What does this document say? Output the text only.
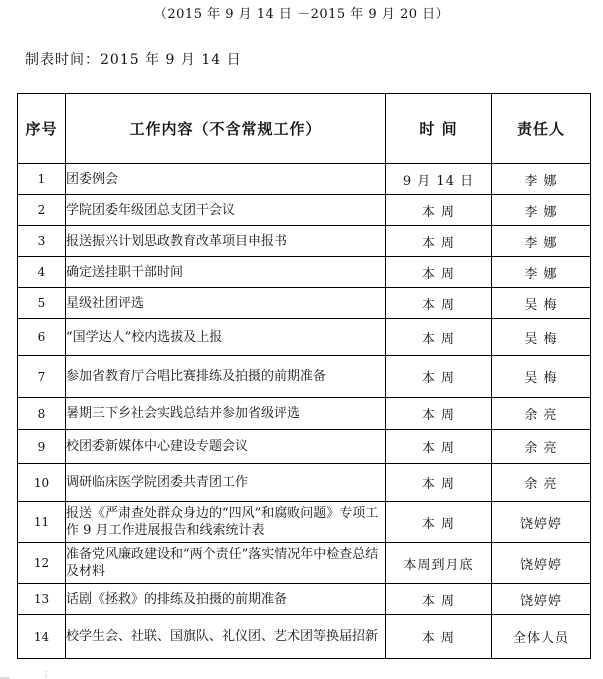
（2015 年 9 月 14 日 －2015 年 9 月 20 日）
制表时间：2015 年 9 月 14 日
序号	工作内容（不含常规工作）	时 间	责任人
1	团委例会	9 月 14 日	李 娜
2	学院团委年级团总支团干会议	本 周	李 娜
3	报送振兴计划思政教育改革项目申报书	本 周	李 娜
4	确定送挂职干部时间	本 周	李 娜
5	星级社团评选	本 周	吴 梅
6	“国学达人”校内选拔及上报	本 周	吴 梅
7	参加省教育厅合唱比赛排练及拍摄的前期准备	本 周	吴 梅
8	暑期三下乡社会实践总结并参加省级评选	本 周	余 亮
9	校团委新媒体中心建设专题会议	本 周	余 亮
10	调研临床医学院团委共青团工作	本 周	余 亮
11	报送《严肃查处群众身边的“四风”和腐败问题》专项工作 9 月工作进展报告和线索统计表	本 周	饶婷婷
12	准备党风廉政建设和“两个责任”落实情况年中检查总结及材料	本周到月底	饶婷婷
13	话剧《拯救》的排练及拍摄的前期准备	本 周	饶婷婷
14	校学生会、社联、国旗队、礼仪团、艺术团等换届招新	本 周	全体人员
